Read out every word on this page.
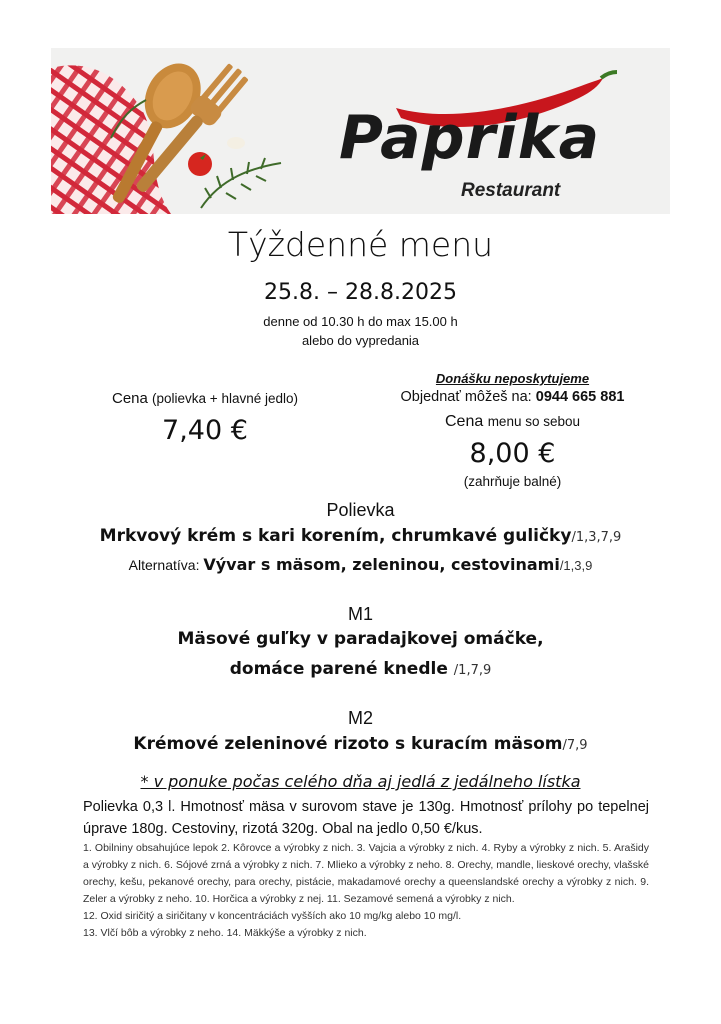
Paprika
Restaurant
Týždenné menu
25.8. – 28.8.2025
denne od 10.30 h do max 15.00 h
alebo do vypredania
Cena (polievka + hlavné jedlo)
7,40 €
Donášku neposkytujeme
Objednať môžeš na: 0944 665 881
Cena menu so sebou
8,00 €
(zahrňuje balné)
Polievka
Mrkvový krém s kari korením, chrumkavé guličky/1,3,7,9
Alternatíva: Vývar s mäsom, zeleninou, cestovinami/1,3,9
M1
Mäsové guľky v paradajkovej omáčke,
domáce parené knedle /1,7,9
M2
Krémové zeleninové rizoto s kuracím mäsom/7,9
* v ponuke počas celého dňa aj jedlá z jedálneho lístka
Polievka 0,3 l. Hmotnosť mäsa v surovom stave je 130g. Hmotnosť prílohy po tepelnej úprave 180g. Cestoviny, rizotá 320g. Obal na jedlo 0,50 €/kus.
1. Obilniny obsahujúce lepok 2. Kôrovce a výrobky z nich. 3. Vajcia a výrobky z nich. 4. Ryby a výrobky z nich. 5. Arašidy a výrobky z nich. 6. Sójové zrná a výrobky z nich. 7. Mlieko a výrobky z neho. 8. Orechy, mandle, lieskové orechy, vlašské orechy, kešu, pekanové orechy, para orechy, pistácie, makadamové orechy a queenslandské orechy a výrobky z nich. 9. Zeler a výrobky z neho. 10. Horčica a výrobky z nej. 11. Sezamové semená a výrobky z nich.
12. Oxid siričitý a siričitany v koncentráciách vyšších ako 10 mg/kg alebo 10 mg/l.
13. Vlčí bôb a výrobky z neho. 14. Mäkkýše a výrobky z nich.
